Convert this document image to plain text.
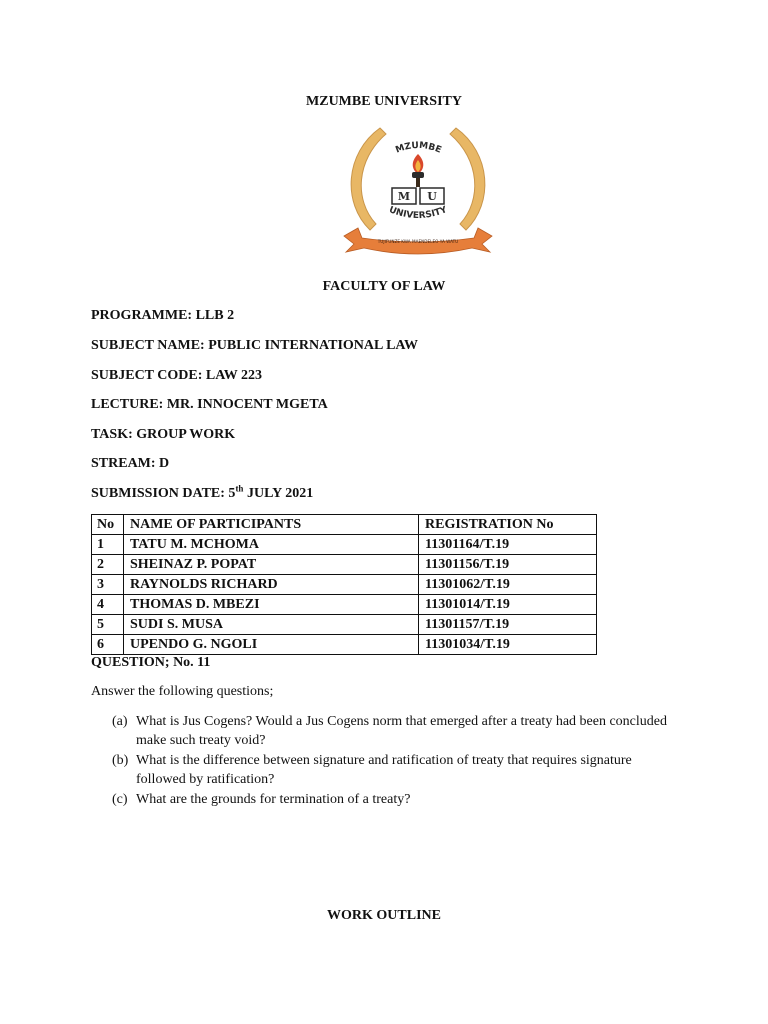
MZUMBE UNIVERSITY
MZUMBE
M U
UNIVERSITY
TUJIFUNZE KWA MAENDELEO YA WATU
FACULTY OF LAW
PROGRAMME: LLB 2
SUBJECT NAME: PUBLIC INTERNATIONAL LAW
SUBJECT CODE: LAW 223
LECTURE: MR. INNOCENT MGETA
TASK: GROUP WORK
STREAM: D
SUBMISSION DATE: 5th JULY 2021
No	NAME OF PARTICIPANTS	REGISTRATION No
1	TATU M. MCHOMA	11301164/T.19
2	SHEINAZ P. POPAT	11301156/T.19
3	RAYNOLDS RICHARD	11301062/T.19
4	THOMAS D. MBEZI	11301014/T.19
5	SUDI S. MUSA	11301157/T.19
6	UPENDO G. NGOLI	11301034/T.19
QUESTION; No. 11
Answer the following questions;
(a) What is Jus Cogens? Would a Jus Cogens norm that emerged after a treaty had been concluded make such treaty void?
(b) What is the difference between signature and ratification of treaty that requires signature followed by ratification?
(c) What are the grounds for termination of a treaty?
WORK OUTLINE
